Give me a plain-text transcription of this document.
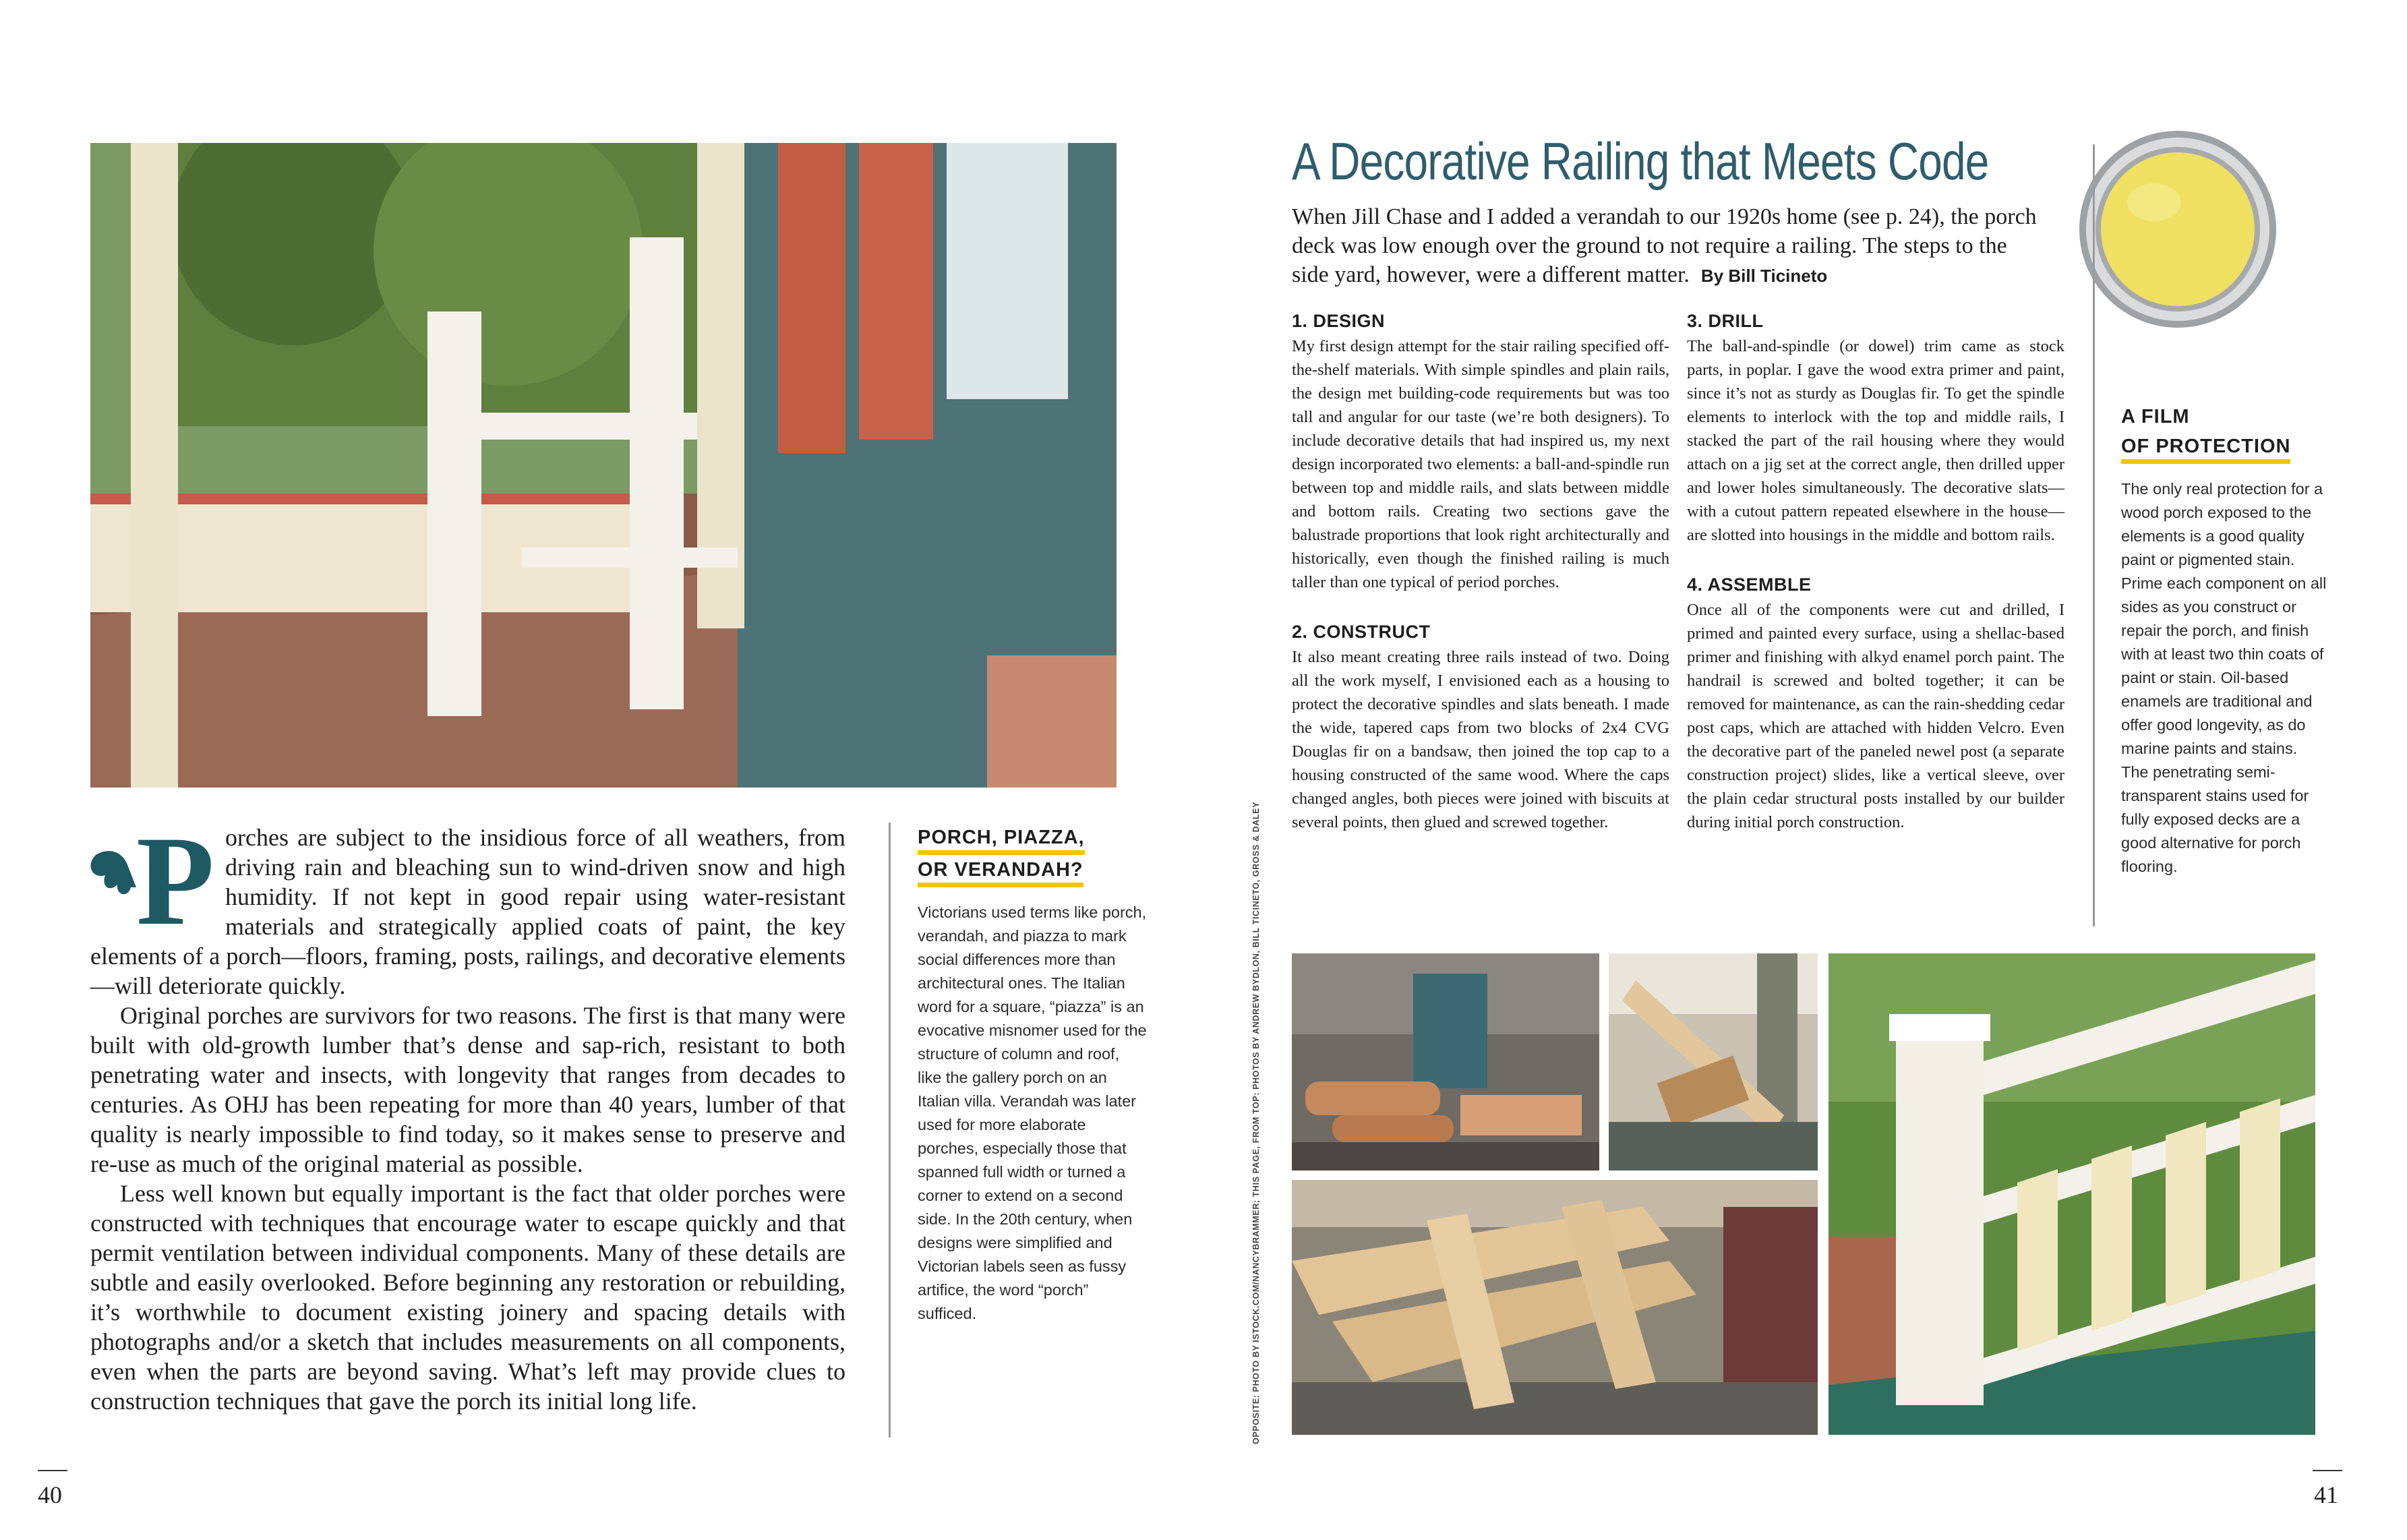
P orches are subject to the insidious force of all weathers, from driving rain and bleaching sun to wind-driven snow and high humidity. If not kept in good repair using water-resistant materials and strategically applied coats of paint, the key elements of a porch—floors, framing, posts, railings, and decorative elements—will deteriorate quickly.

Original porches are survivors for two reasons. The first is that many were built with old-growth lumber that’s dense and sap-rich, resistant to both penetrating water and insects, with longevity that ranges from decades to centuries. As OHJ has been repeating for more than 40 years, lumber of that quality is nearly impossible to find today, so it makes sense to preserve and re-use as much of the original material as possible.

Less well known but equally important is the fact that older porches were constructed with techniques that encourage water to escape quickly and that permit ventilation between individual components. Many of these details are subtle and easily overlooked. Before beginning any restoration or rebuilding, it’s worthwhile to document existing joinery and spacing details with photographs and/or a sketch that includes measurements on all components, even when the parts are beyond saving. What’s left may provide clues to construction techniques that gave the porch its initial long life.

PORCH, PIAZZA,
OR VERANDAH?
Victorians used terms like porch, verandah, and piazza to mark social differences more than architectural ones. The Italian word for a square, “piazza” is an evocative misnomer used for the structure of column and roof, like the gallery porch on an Italian villa. Verandah was later used for more elaborate porches, especially those that spanned full width or turned a corner to extend on a second side. In the 20th century, when designs were simplified and Victorian labels seen as fussy artifice, the word “porch” sufficed.	OPPOSITE: PHOTO BY ISTOCK.COM/NANCYBRAMMER; THIS PAGE, FROM TOP: PHOTOS BY ANDREW BYDLON, BILL TICINETO, GROSS & DALEY
40
A Decorative Railing that Meets Code
When Jill Chase and I added a verandah to our 1920s home (see p. 24), the porch deck was low enough over the ground to not require a railing. The steps to the side yard, however, were a different matter. By Bill Ticineto
1. DESIGN

My first design attempt for the stair railing specified off-the-shelf materials. With simple spindles and plain rails, the design met building-code requirements but was too tall and angular for our taste (we’re both designers). To include decorative details that had inspired us, my next design incorporated two elements: a ball-and-spindle run between top and middle rails, and slats between middle and bottom rails. Creating two sections gave the balustrade proportions that look right architecturally and historically, even though the finished railing is much taller than one typical of period porches.

2. CONSTRUCT

It also meant creating three rails instead of two. Doing all the work myself, I envisioned each as a housing to protect the decorative spindles and slats beneath. I made the wide, tapered caps from two blocks of 2x4 CVG Douglas fir on a bandsaw, then joined the top cap to a housing constructed of the same wood. Where the caps changed angles, both pieces were joined with biscuits at several points, then glued and screwed together.

3. DRILL

The ball-and-spindle (or dowel) trim came as stock parts, in poplar. I gave the wood extra primer and paint, since it’s not as sturdy as Douglas fir. To get the spindle elements to interlock with the top and middle rails, I stacked the part of the rail housing where they would attach on a jig set at the correct angle, then drilled upper and lower holes simultaneously. The decorative slats—with a cutout pattern repeated elsewhere in the house—are slotted into housings in the middle and bottom rails.

4. ASSEMBLE

Once all of the components were cut and drilled, I primed and painted every surface, using a shellac-based primer and finishing with alkyd enamel porch paint. The handrail is screwed and bolted together; it can be removed for maintenance, as can the rain-shedding cedar post caps, which are attached with hidden Velcro. Even the decorative part of the paneled newel post (a separate construction project) slides, like a vertical sleeve, over the plain cedar structural posts installed by our builder during initial porch construction.

A FILM
OF PROTECTION
The only real protection for a wood porch exposed to the elements is a good quality paint or pigmented stain. Prime each component on all sides as you construct or repair the porch, and finish with at least two thin coats of paint or stain. Oil-based enamels are traditional and offer good longevity, as do marine paints and stains. The penetrating semi-transparent stains used for fully exposed decks are a good alternative for porch flooring.
41
